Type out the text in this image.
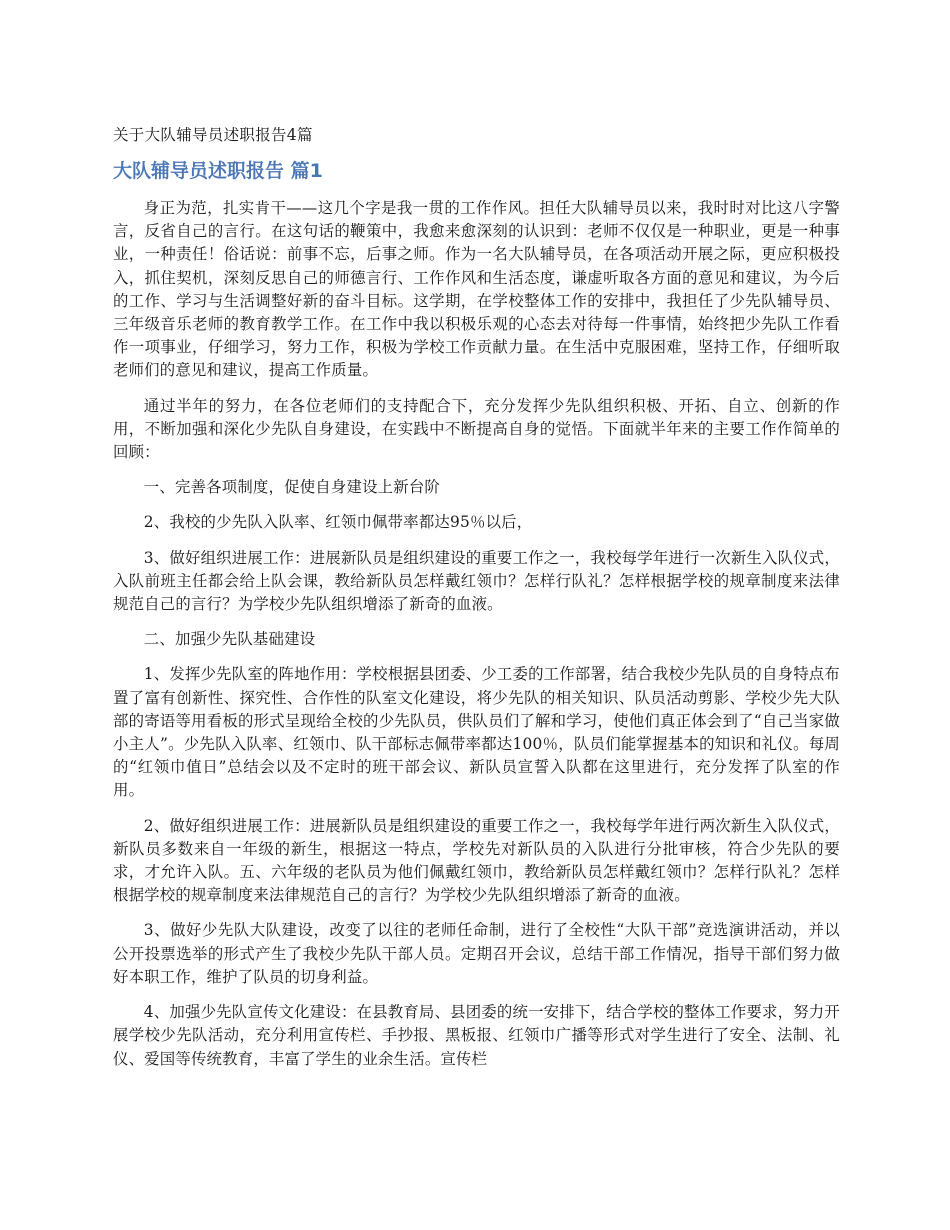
关于大队辅导员述职报告4篇
大队辅导员述职报告 篇1

身正为范，扎实肯干——这几个字是我一贯的工作作风。担任大队辅导员以来，我时时对比这八字警言，反省自己的言行。在这句话的鞭策中，我愈来愈深刻的认识到：老师不仅仅是一种职业，更是一种事业，一种责任！俗话说：前事不忘，后事之师。作为一名大队辅导员，在各项活动开展之际，更应积极投入，抓住契机，深刻反思自己的师德言行、工作作风和生活态度，谦虚听取各方面的意见和建议，为今后的工作、学习与生活调整好新的奋斗目标。这学期，在学校整体工作的安排中，我担任了少先队辅导员、三年级音乐老师的教育教学工作。在工作中我以积极乐观的心态去对待每一件事情，始终把少先队工作看作一项事业，仔细学习，努力工作，积极为学校工作贡献力量。在生活中克服困难，坚持工作，仔细听取老师们的意见和建议，提高工作质量。

通过半年的努力，在各位老师们的支持配合下，充分发挥少先队组织积极、开拓、自立、创新的作用，不断加强和深化少先队自身建设，在实践中不断提高自身的觉悟。下面就半年来的主要工作作简单的回顾：

一、完善各项制度，促使自身建设上新台阶

2、我校的少先队入队率、红领巾佩带率都达95％以后，

3、做好组织进展工作：进展新队员是组织建设的重要工作之一，我校每学年进行一次新生入队仪式，入队前班主任都会给上队会课，教给新队员怎样戴红领巾？怎样行队礼？怎样根据学校的规章制度来法律规范自己的言行？为学校少先队组织增添了新奇的血液。

二、加强少先队基础建设

1、发挥少先队室的阵地作用：学校根据县团委、少工委的工作部署，结合我校少先队员的自身特点布置了富有创新性、探究性、合作性的队室文化建设，将少先队的相关知识、队员活动剪影、学校少先大队部的寄语等用看板的形式呈现给全校的少先队员，供队员们了解和学习，使他们真正体会到了“自己当家做小主人”。少先队入队率、红领巾、队干部标志佩带率都达100％，队员们能掌握基本的知识和礼仪。每周的“红领巾值日”总结会以及不定时的班干部会议、新队员宣誓入队都在这里进行，充分发挥了队室的作用。

2、做好组织进展工作：进展新队员是组织建设的重要工作之一，我校每学年进行两次新生入队仪式，新队员多数来自一年级的新生，根据这一特点，学校先对新队员的入队进行分批审核，符合少先队的要求，才允许入队。五、六年级的老队员为他们佩戴红领巾，教给新队员怎样戴红领巾？怎样行队礼？怎样根据学校的规章制度来法律规范自己的言行？为学校少先队组织增添了新奇的血液。

3、做好少先队大队建设，改变了以往的老师任命制，进行了全校性“大队干部”竞选演讲活动，并以公开投票选举的形式产生了我校少先队干部人员。定期召开会议，总结干部工作情况，指导干部们努力做好本职工作，维护了队员的切身利益。

4、加强少先队宣传文化建设：在县教育局、县团委的统一安排下，结合学校的整体工作要求，努力开展学校少先队活动，充分利用宣传栏、手抄报、黑板报、红领巾广播等形式对学生进行了安全、法制、礼仪、爱国等传统教育，丰富了学生的业余生活。宣传栏
